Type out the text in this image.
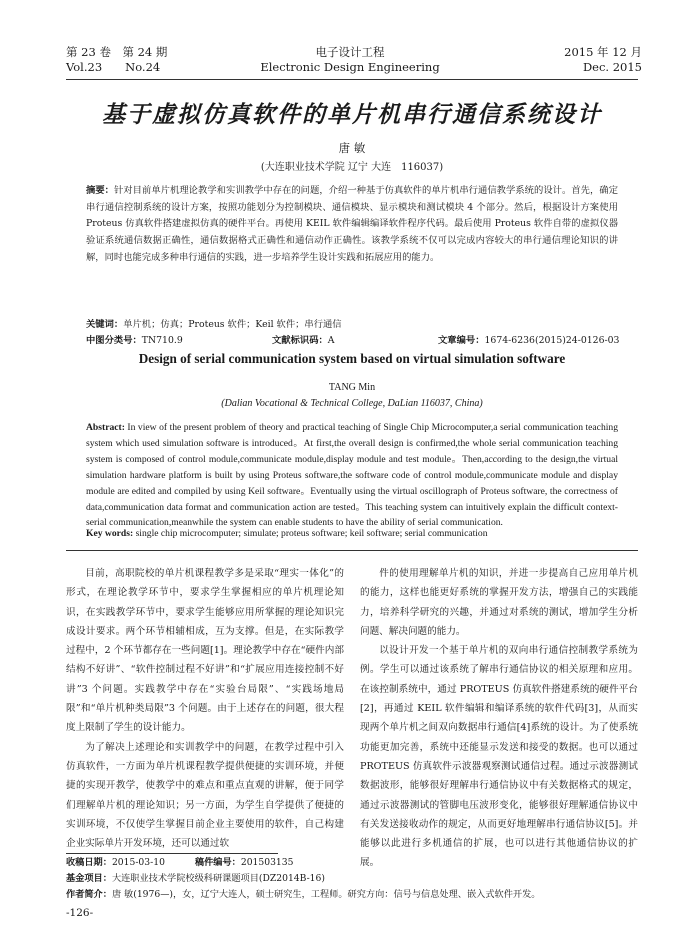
第 23 卷　第 24 期
Vol.23　　No.24
电子设计工程
Electronic Design Engineering
2015 年 12 月
Dec. 2015
基于虚拟仿真软件的单片机串行通信系统设计
唐 敏
(大连职业技术学院 辽宁 大连　116037)

摘要：针对目前单片机理论教学和实训教学中存在的问题，介绍一种基于仿真软件的单片机串行通信教学系统的设计。首先，确定串行通信控制系统的设计方案，按照功能划分为控制模块、通信模块、显示模块和测试模块 4 个部分。然后，根据设计方案使用 Proteus 仿真软件搭建虚拟仿真的硬件平台。再使用 KEIL 软件编辑编译软件程序代码。最后使用 Proteus 软件自带的虚拟仪器验证系统通信数据正确性，通信数据格式正确性和通信动作正确性。该教学系统不仅可以完成内容较大的串行通信理论知识的讲解，同时也能完成多种串行通信的实践，进一步培养学生设计实践和拓展应用的能力。

关键词：单片机；仿真；Proteus 软件；Keil 软件；串行通信
中图分类号：TN710.9	文献标识码：A	文章编号：1674-6236(2015)24-0126-03
Design of serial communication system based on virtual simulation software
TANG Min
(Dalian Vocational & Technical College, DaLian 116037, China)

Abstract: In view of the present problem of theory and practical teaching of Single Chip Microcomputer,a serial communication teaching system which used simulation software is introduced。At first,the overall design is confirmed,the whole serial communication teaching system is composed of control module,communicate module,display module and test module。Then,according to the design,the virtual simulation hardware platform is built by using Proteus software,the software code of control module,communicate module and display module are edited and compiled by using Keil software。Eventually using the virtual oscillograph of Proteus software, the correctness of data,communication data format and communication action are tested。This teaching system can intuitively explain the difficult context-serial communication,meanwhile the system can enable students to have the ability of serial communication.

Key words: single chip microcomputer; simulate; proteus software; keil software; serial communication

目前，高职院校的单片机课程教学多是采取“理实一体化”的形式，在理论教学环节中，要求学生掌握相应的单片机理论知识，在实践教学环节中，要求学生能够应用所掌握的理论知识完成设计要求。两个环节相辅相成，互为支撑。但是，在实际教学过程中，2 个环节都存在一些问题[1]。理论教学中存在“硬件内部结构不好讲”、“软件控制过程不好讲”和“扩展应用连接控制不好讲”3 个问题。实践教学中存在“实验台局限”、“实践场地局限”和“单片机种类局限”3 个问题。由于上述存在的问题，很大程度上限制了学生的设计能力。

为了解决上述理论和实训教学中的问题，在教学过程中引入仿真软件，一方面为单片机课程教学提供便捷的实训环境，并便捷的实现开教学，使教学中的难点和重点直观的讲解，便于同学们理解单片机的理论知识；另一方面，为学生自学提供了便捷的实训环境，不仅使学生掌握目前企业主要使用的软件，自己构建企业实际单片开发环境，还可以通过软

件的使用理解单片机的知识，并进一步提高自己应用单片机的能力，这样也能更好系统的掌握开发方法，增强自己的实践能力，培养科学研究的兴趣，并通过对系统的测试，增加学生分析问题、解决问题的能力。

以设计开发一个基于单片机的双向串行通信控制教学系统为例。学生可以通过该系统了解串行通信协议的相关原理和应用。在该控制系统中，通过 PROTEUS 仿真软件搭建系统的硬件平台[2]，再通过 KEIL 软件编辑和编译系统的软件代码[3]，从而实现两个单片机之间双向数据串行通信[4]系统的设计。为了使系统功能更加完善，系统中还能显示发送和接受的数据。也可以通过 PROTEUS 仿真软件示波器观察测试通信过程。通过示波器测试数据波形，能够很好理解串行通信协议中有关数据格式的规定，通过示波器测试的管脚电压波形变化，能够很好理解通信协议中有关发送接收动作的规定，从而更好地理解串行通信协议[5]。并能够以此进行多机通信的扩展，也可以进行其他通信协议的扩展。

收稿日期：2015-03-10	稿件编号：201503135
基金项目：大连职业技术学院校级科研课题项目(DZ2014B-16)
作者简介：唐 敏(1976—)，女，辽宁大连人，硕士研究生，工程师。研究方向：信号与信息处理、嵌入式软件开发。
-126-
